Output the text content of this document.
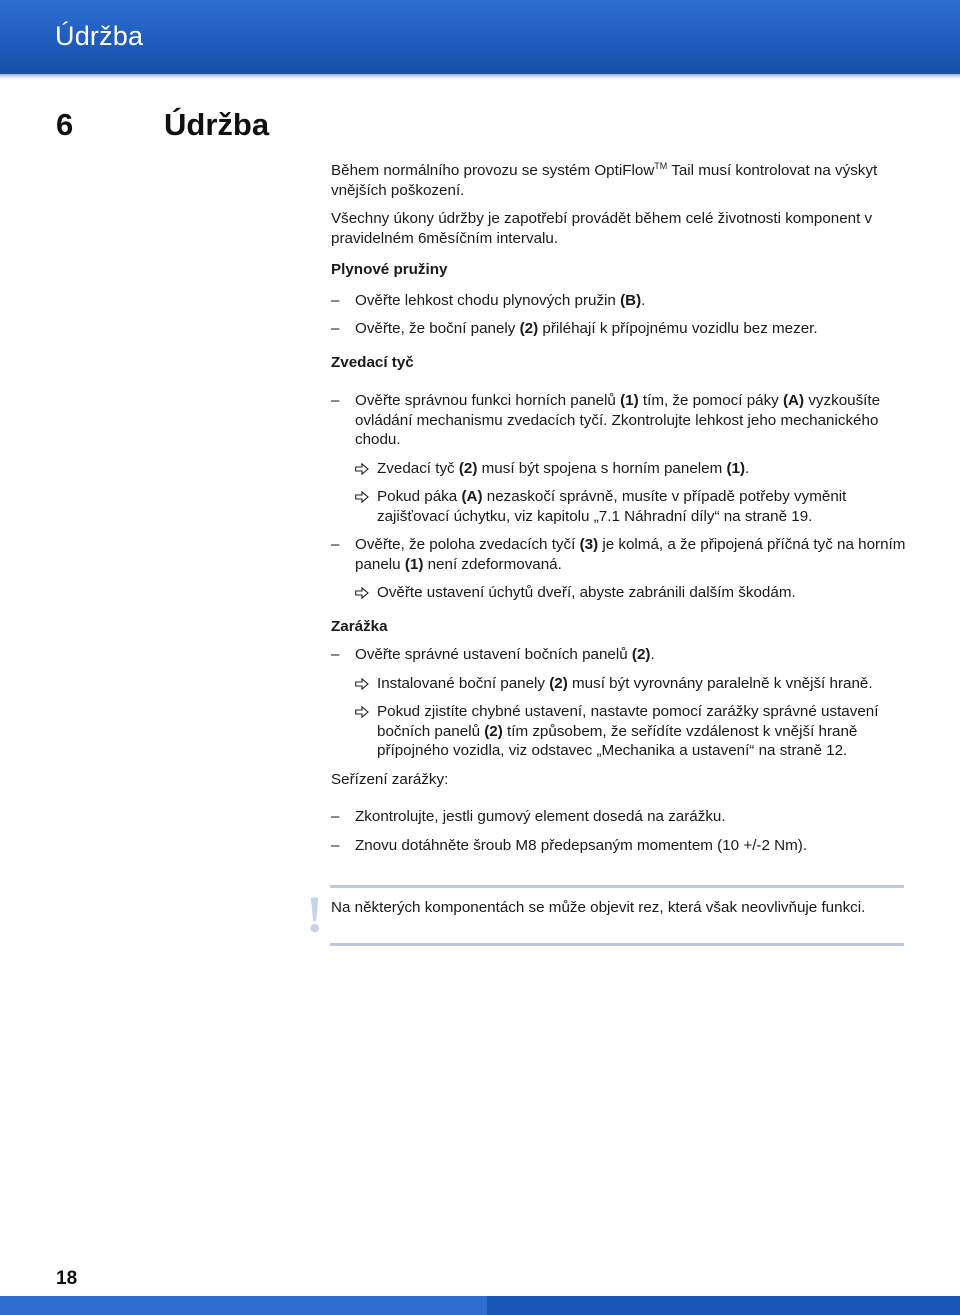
Údržba
6	Údržba

Během normálního provozu se systém OptiFlow™ Tail musí kontrolovat na výskyt vnějších poškození.

Všechny úkony údržby je zapotřebí provádět během celé životnosti komponent v pravidelném 6měsíčním intervalu.

Plynové pružiny
–	Ověřte lehkost chodu plynových pružin (B).
–	Ověřte, že boční panely (2) přiléhají k přípojnému vozidlu bez mezer.
Zvedací tyč
–	Ověřte správnou funkci horních panelů (1) tím, že pomocí páky (A) vyzkoušíte ovládání mechanismu zvedacích tyčí. Zkontrolujte lehkost jeho mechanického chodu.
Zvedací tyč (2) musí být spojena s horním panelem (1).
Pokud páka (A) nezaskočí správně, musíte v případě potřeby vyměnit zajišťovací úchytku, viz kapitolu „7.1 Náhradní díly“ na straně 19.
–	Ověřte, že poloha zvedacích tyčí (3) je kolmá, a že připojená příčná tyč na horním panelu (1) není zdeformovaná.
Ověřte ustavení úchytů dveří, abyste zabránili dalším škodám.
Zarážka
–	Ověřte správné ustavení bočních panelů (2).
Instalované boční panely (2) musí být vyrovnány paralelně k vnější hraně.
Pokud zjistíte chybné ustavení, nastavte pomocí zarážky správné ustavení bočních panelů (2) tím způsobem, že seřídíte vzdálenost k vnější hraně přípojného vozidla, viz odstavec „Mechanika a ustavení“ na straně 12.
Seřízení zarážky:
–	Zkontrolujte, jestli gumový element dosedá na zarážku.
–	Znovu dotáhněte šroub M8 předepsaným momentem (10 +/-2 Nm).
! Na některých komponentách se může objevit rez, která však neovlivňuje funkci.
18
